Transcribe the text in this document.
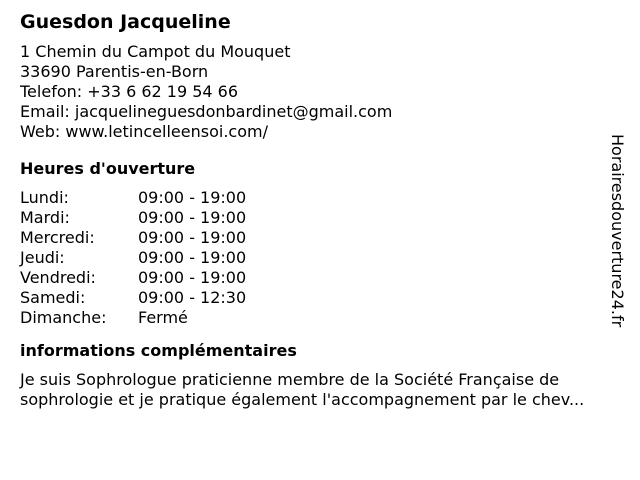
Guesdon Jacqueline
1 Chemin du Campot du Mouquet
33690 Parentis-en-Born
Telefon: +33 6 62 19 54 66
Email: jacquelineguesdonbardinet@gmail.com
Web: www.letincelleensoi.com/
Heures d'ouverture
Lundi:	09:00 - 19:00
Mardi:	09:00 - 19:00
Mercredi:	09:00 - 19:00
Jeudi:	09:00 - 19:00
Vendredi:	09:00 - 19:00
Samedi:	09:00 - 12:30
Dimanche:	Fermé
informations complémentaires
Je suis Sophrologue praticienne membre de la Société Française de sophrologie et je pratique également l'accompagnement par le chev...
Horairesdouverture24.fr
